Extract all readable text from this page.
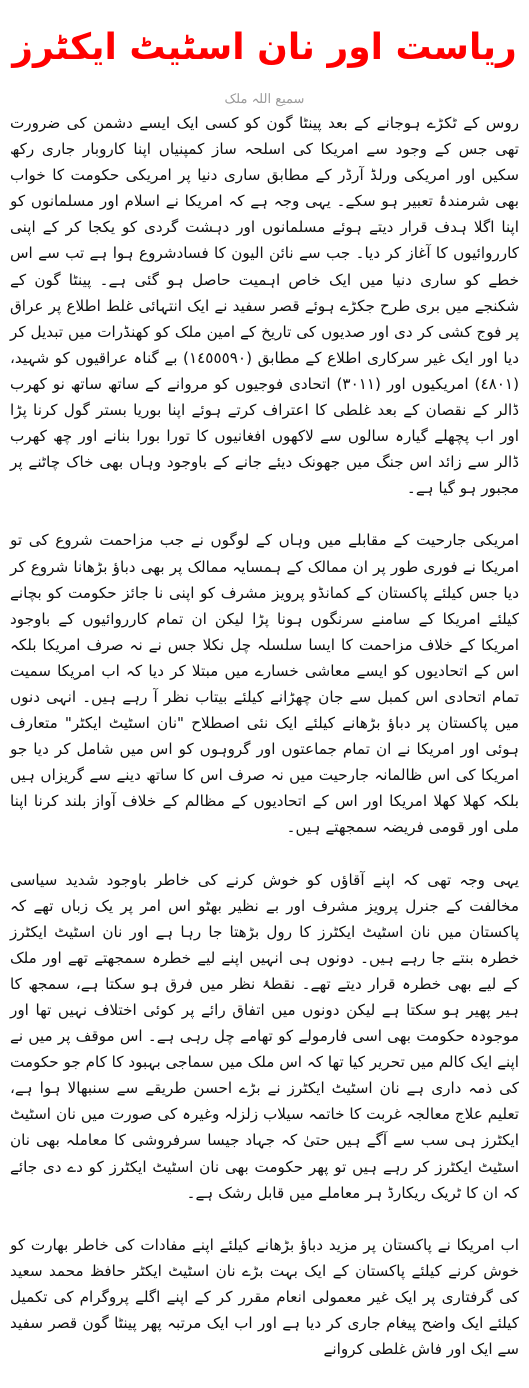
ریاست اور نان اسٹیٹ ایکٹرز
سمیع اللہ ملک

روس کے ٹکڑے ہوجانے کے بعد پینٹا گون کو کسی ایک ایسے دشمن کی ضرورت تھی جس کے وجود سے امریکا کی اسلحہ ساز کمپنیاں اپنا کاروبار جاری رکھ سکیں اور امریکی ورلڈ آرڈر کے مطابق ساری دنیا پر امریکی حکومت کا خواب بھی شرمندۂ تعبیر ہو سکے۔ یہی وجہ ہے کہ امریکا نے اسلام اور مسلمانوں کو اپنا اگلا ہدف قرار دیتے ہوئے مسلمانوں اور دہشت گردی کو یکجا کر کے اپنی کارروائیوں کا آغاز کر دیا۔ جب سے نائن الیون کا فسادشروع ہوا ہے تب سے اس خطے کو ساری دنیا میں ایک خاص اہمیت حاصل ہو گئی ہے۔ پینٹا گون کے شکنجے میں بری طرح جکڑے ہوئے قصر سفید نے ایک انتہائی غلط اطلاع پر عراق پر فوج کشی کر دی اور صدیوں کی تاریخ کے امین ملک کو کھنڈرات میں تبدیل کر دیا اور ایک غیر سرکاری اطلاع کے مطابق (١٤٥٥٥٩٠) بے گناہ عراقیوں کو شہید، (٤٨٠١) امریکیوں اور (٣٠١١) اتحادی فوجیوں کو مروانے کے ساتھ ساتھ نو کھرب ڈالر کے نقصان کے بعد غلطی کا اعتراف کرتے ہوئے اپنا بوریا بستر گول کرنا پڑا اور اب پچھلے گیارہ سالوں سے لاکھوں افغانیوں کا تورا بورا بنانے اور چھ کھرب ڈالر سے زائد اس جنگ میں جھونک دیئے جانے کے باوجود وہاں بھی خاک چاٹنے پر مجبور ہو گیا ہے۔

امریکی جارحیت کے مقابلے میں وہاں کے لوگوں نے جب مزاحمت شروع کی تو امریکا نے فوری طور پر ان ممالک کے ہمسایہ ممالک پر بھی دباؤ بڑھانا شروع کر دیا جس کیلئے پاکستان کے کمانڈو پرویز مشرف کو اپنی نا جائز حکومت کو بچانے کیلئے امریکا کے سامنے سرنگوں ہونا پڑا لیکن ان تمام کارروائیوں کے باوجود امریکا کے خلاف مزاحمت کا ایسا سلسلہ چل نکلا جس نے نہ صرف امریکا بلکہ اس کے اتحادیوں کو ایسے معاشی خسارے میں مبتلا کر دیا کہ اب امریکا سمیت تمام اتحادی اس کمبل سے جان چھڑانے کیلئے بیتاب نظر آ رہے ہیں۔ انہی دنوں میں پاکستان پر دباؤ بڑھانے کیلئے ایک نئی اصطلاح "نان اسٹیٹ ایکٹر" متعارف ہوئی اور امریکا نے ان تمام جماعتوں اور گروہوں کو اس میں شامل کر دیا جو امریکا کی اس ظالمانہ جارحیت میں نہ صرف اس کا ساتھ دینے سے گریزاں ہیں بلکہ کھلا کھلا امریکا اور اس کے اتحادیوں کے مظالم کے خلاف آواز بلند کرنا اپنا ملی اور قومی فریضہ سمجھتے ہیں۔

یہی وجہ تھی کہ اپنے آقاؤں کو خوش کرنے کی خاطر باوجود شدید سیاسی مخالفت کے جنرل پرویز مشرف اور بے نظیر بھٹو اس امر پر یک زباں تھے کہ پاکستان میں نان اسٹیٹ ایکٹرز کا رول بڑھتا جا رہا ہے اور نان اسٹیٹ ایکٹرز خطرہ بنتے جا رہے ہیں۔ دونوں ہی انہیں اپنے لیے خطرہ سمجھتے تھے اور ملک کے لیے بھی خطرہ قرار دیتے تھے۔ نقطۂ نظر میں فرق ہو سکتا ہے، سمجھ کا ہیر پھیر ہو سکتا ہے لیکن دونوں میں اتفاق رائے پر کوئی اختلاف نہیں تھا اور موجودہ حکومت بھی اسی فارمولے کو تھامے چل رہی ہے۔ اس موقف پر میں نے اپنے ایک کالم میں تحریر کیا تھا کہ اس ملک میں سماجی بہبود کا کام جو حکومت کی ذمہ داری ہے نان اسٹیٹ ایکٹرز نے بڑے احسن طریقے سے سنبھالا ہوا ہے، تعلیم علاج معالجہ غربت کا خاتمہ سیلاب زلزلہ وغیرہ کی صورت میں نان اسٹیٹ ایکٹرز ہی سب سے آگے ہیں حتیٰ کہ جہاد جیسا سرفروشی کا معاملہ بھی نان اسٹیٹ ایکٹرز کر رہے ہیں تو پھر حکومت بھی نان اسٹیٹ ایکٹرز کو دے دی جائے کہ ان کا ٹریک ریکارڈ ہر معاملے میں قابل رشک ہے۔

اب امریکا نے پاکستان پر مزید دباؤ بڑھانے کیلئے اپنے مفادات کی خاطر بھارت کو خوش کرنے کیلئے پاکستان کے ایک بہت بڑے نان اسٹیٹ ایکٹر حافظ محمد سعید کی گرفتاری پر ایک غیر معمولی انعام مقرر کر کے اپنے اگلے پروگرام کی تکمیل کیلئے ایک واضح پیغام جاری کر دیا ہے اور اب ایک مرتبہ پھر پینٹا گون قصر سفید سے ایک اور فاش غلطی کروانے
